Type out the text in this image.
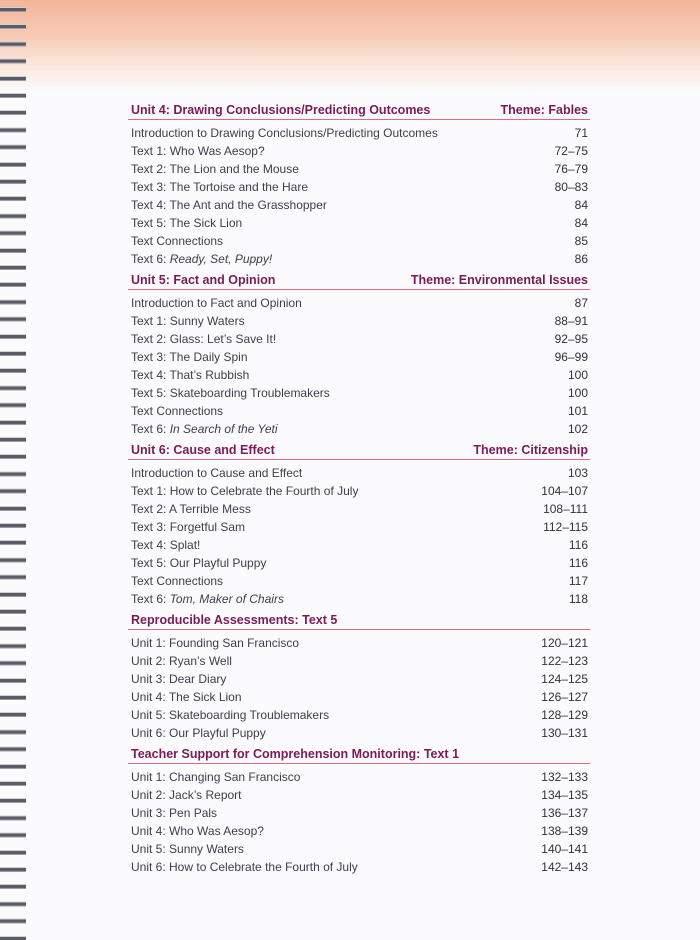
Unit 4: Drawing Conclusions/Predicting Outcomes	Theme: Fables
Introduction to Drawing Conclusions/Predicting Outcomes	71
Text 1: Who Was Aesop?	72–75
Text 2: The Lion and the Mouse	76–79
Text 3: The Tortoise and the Hare	80–83
Text 4: The Ant and the Grasshopper	84
Text 5: The Sick Lion	84
Text Connections	85
Text 6: Ready, Set, Puppy!	86
Unit 5: Fact and Opinion	Theme: Environmental Issues
Introduction to Fact and Opinion	87
Text 1: Sunny Waters	88–91
Text 2: Glass: Let’s Save It!	92–95
Text 3: The Daily Spin	96–99
Text 4: That’s Rubbish	100
Text 5: Skateboarding Troublemakers	100
Text Connections	101
Text 6: In Search of the Yeti	102
Unit 6: Cause and Effect	Theme: Citizenship
Introduction to Cause and Effect	103
Text 1: How to Celebrate the Fourth of July	104–107
Text 2: A Terrible Mess	108–111
Text 3: Forgetful Sam	112–115
Text 4: Splat!	116
Text 5: Our Playful Puppy	116
Text Connections	117
Text 6: Tom, Maker of Chairs	118
Reproducible Assessments: Text 5
Unit 1: Founding San Francisco	120–121
Unit 2: Ryan’s Well	122–123
Unit 3: Dear Diary	124–125
Unit 4: The Sick Lion	126–127
Unit 5: Skateboarding Troublemakers	128–129
Unit 6: Our Playful Puppy	130–131
Teacher Support for Comprehension Monitoring: Text 1
Unit 1: Changing San Francisco	132–133
Unit 2: Jack’s Report	134–135
Unit 3: Pen Pals	136–137
Unit 4: Who Was Aesop?	138–139
Unit 5: Sunny Waters	140–141
Unit 6: How to Celebrate the Fourth of July	142–143
